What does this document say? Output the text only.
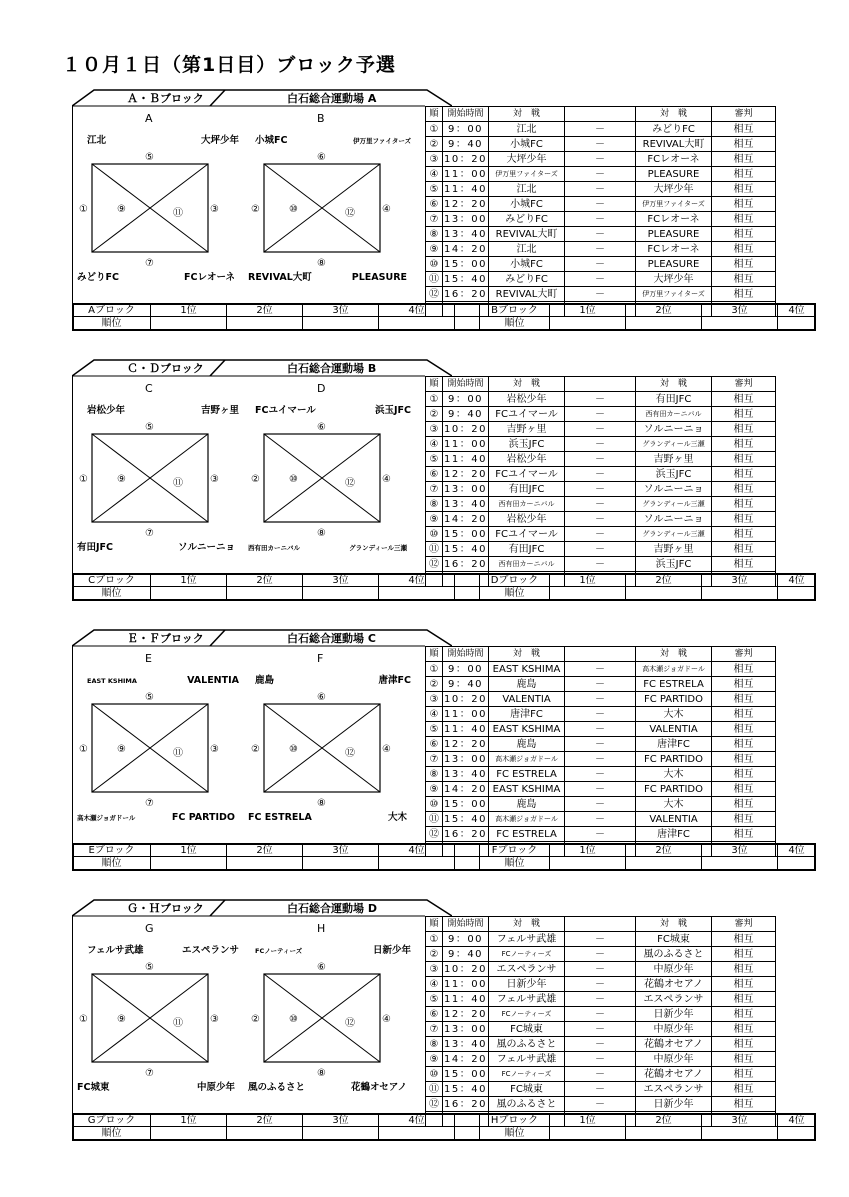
１０月１日（第1日目）ブロック予選
Ａ・Ｂブロック	白石総合運動場 A
A
江北	大坪少年
みどりFC	FCレオーネ
①	⑨	⑪	③
⑤
⑦
B
小城FC	伊万里ファイターズ
REVIVAL大町	PLEASURE
②	⑩	⑫	④
⑥
⑧
順	開始時間	対　戦		対　戦	審判
①	9：00	江北	－	みどりFC	相互
②	9：40	小城FC	－	REVIVAL大町	相互
③	10：20	大坪少年	－	FCレオーネ	相互
④	11：00	伊万里ファイターズ	－	PLEASURE	相互
⑤	11：40	江北	－	大坪少年	相互
⑥	12：20	小城FC	－	伊万里ファイターズ	相互
⑦	13：00	みどりFC	－	FCレオーネ	相互
⑧	13：40	REVIVAL大町	－	PLEASURE	相互
⑨	14：20	江北	－	FCレオーネ	相互
⑩	15：00	小城FC	－	PLEASURE	相互
⑪	15：40	みどりFC	－	大坪少年	相互
⑫	16：20	REVIVAL大町	－	伊万里ファイターズ	相互

Aブロック	1位	2位	3位	4位		Bブロック	1位	2位	3位	4位
順位						順位				
Ｃ・Ｄブロック	白石総合運動場 B
C
岩松少年	吉野ヶ里
有田JFC	ソルニーニョ
①	⑨	⑪	③
⑤
⑦
D
FCユイマール	浜玉JFC
西有田カーニバル	グランディール三瀬
②	⑩	⑫	④
⑥
⑧
順	開始時間	対　戦		対　戦	審判
①	9：00	岩松少年	－	有田JFC	相互
②	9：40	FCユイマール	－	西有田カーニバル	相互
③	10：20	吉野ヶ里	－	ソルニーニョ	相互
④	11：00	浜玉JFC	－	グランディール三瀬	相互
⑤	11：40	岩松少年	－	吉野ヶ里	相互
⑥	12：20	FCユイマール	－	浜玉JFC	相互
⑦	13：00	有田JFC	－	ソルニーニョ	相互
⑧	13：40	西有田カーニバル	－	グランディール三瀬	相互
⑨	14：20	岩松少年	－	ソルニーニョ	相互
⑩	15：00	FCユイマール	－	グランディール三瀬	相互
⑪	15：40	有田JFC	－	吉野ヶ里	相互
⑫	16：20	西有田カーニバル	－	浜玉JFC	相互

Cブロック	1位	2位	3位	4位		Dブロック	1位	2位	3位	4位
順位						順位				
Ｅ・Ｆブロック	白石総合運動場 C
E
EAST KSHIMA	VALENTIA
高木瀬ジョガドール	FC PARTIDO
①	⑨	⑪	③
⑤
⑦
F
鹿島	唐津FC
FC ESTRELA	大木
②	⑩	⑫	④
⑥
⑧
順	開始時間	対　戦		対　戦	審判
①	9：00	EAST KSHIMA	－	高木瀬ジョガドール	相互
②	9：40	鹿島	－	FC ESTRELA	相互
③	10：20	VALENTIA	－	FC PARTIDO	相互
④	11：00	唐津FC	－	大木	相互
⑤	11：40	EAST KSHIMA	－	VALENTIA	相互
⑥	12：20	鹿島	－	唐津FC	相互
⑦	13：00	高木瀬ジョガドール	－	FC PARTIDO	相互
⑧	13：40	FC ESTRELA	－	大木	相互
⑨	14：20	EAST KSHIMA	－	FC PARTIDO	相互
⑩	15：00	鹿島	－	大木	相互
⑪	15：40	高木瀬ジョガドール	－	VALENTIA	相互
⑫	16：20	FC ESTRELA	－	唐津FC	相互

Eブロック	1位	2位	3位	4位		Fブロック	1位	2位	3位	4位
順位						順位				
Ｇ・Ｈブロック	白石総合運動場 D
G
フェルサ武雄	エスペランサ
FC城東	中原少年
①	⑨	⑪	③
⑤
⑦
H
FCノーティーズ	日新少年
風のふるさと	花鶴オセアノ
②	⑩	⑫	④
⑥
⑧
順	開始時間	対　戦		対　戦	審判
①	9：00	フェルサ武雄	－	FC城東	相互
②	9：40	FCノーティーズ	－	風のふるさと	相互
③	10：20	エスペランサ	－	中原少年	相互
④	11：00	日新少年	－	花鶴オセアノ	相互
⑤	11：40	フェルサ武雄	－	エスペランサ	相互
⑥	12：20	FCノーティーズ	－	日新少年	相互
⑦	13：00	FC城東	－	中原少年	相互
⑧	13：40	風のふるさと	－	花鶴オセアノ	相互
⑨	14：20	フェルサ武雄	－	中原少年	相互
⑩	15：00	FCノーティーズ	－	花鶴オセアノ	相互
⑪	15：40	FC城東	－	エスペランサ	相互
⑫	16：20	風のふるさと	－	日新少年	相互

Gブロック	1位	2位	3位	4位		Hブロック	1位	2位	3位	4位
順位						順位				
